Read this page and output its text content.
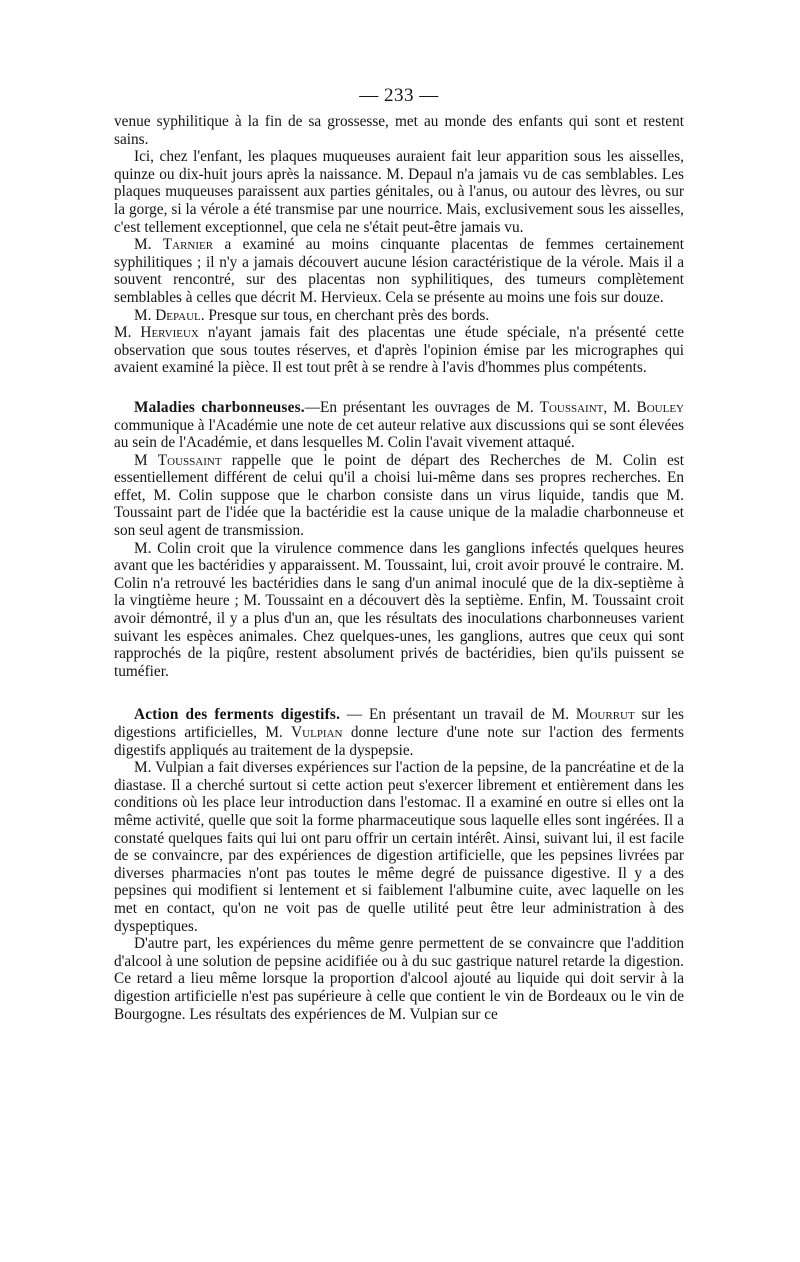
— 233 —

venue syphilitique à la fin de sa grossesse, met au monde des enfants qui sont et restent sains.

Ici, chez l'enfant, les plaques muqueuses auraient fait leur apparition sous les aisselles, quinze ou dix-huit jours après la naissance. M. Depaul n'a jamais vu de cas semblables. Les plaques muqueuses paraissent aux parties génitales, ou à l'anus, ou autour des lèvres, ou sur la gorge, si la vérole a été transmise par une nourrice. Mais, exclusivement sous les aisselles, c'est tellement exceptionnel, que cela ne s'était peut-être jamais vu.

M. Tarnier a examiné au moins cinquante placentas de femmes certainement syphilitiques ; il n'y a jamais découvert aucune lésion caractéristique de la vérole. Mais il a souvent rencontré, sur des placentas non syphilitiques, des tumeurs complètement semblables à celles que décrit M. Hervieux. Cela se présente au moins une fois sur douze.

M. Depaul. Presque sur tous, en cherchant près des bords.

M. Hervieux n'ayant jamais fait des placentas une étude spéciale, n'a présenté cette observation que sous toutes réserves, et d'après l'opinion émise par les micrographes qui avaient examiné la pièce. Il est tout prêt à se rendre à l'avis d'hommes plus compétents.

Maladies charbonneuses.—En présentant les ouvrages de M. Toussaint, M. Bouley communique à l'Académie une note de cet auteur relative aux discussions qui se sont élevées au sein de l'Académie, et dans lesquelles M. Colin l'avait vivement attaqué.

M Toussaint rappelle que le point de départ des Recherches de M. Colin est essentiellement différent de celui qu'il a choisi lui-même dans ses propres recherches. En effet, M. Colin suppose que le charbon consiste dans un virus liquide, tandis que M. Toussaint part de l'idée que la bactéridie est la cause unique de la maladie charbonneuse et son seul agent de transmission.

M. Colin croit que la virulence commence dans les ganglions infectés quelques heures avant que les bactéridies y apparaissent. M. Toussaint, lui, croit avoir prouvé le contraire. M. Colin n'a retrouvé les bactéridies dans le sang d'un animal inoculé que de la dix-septième à la vingtième heure ; M. Toussaint en a découvert dès la septième. Enfin, M. Toussaint croit avoir démontré, il y a plus d'un an, que les résultats des inoculations charbonneuses varient suivant les espèces animales. Chez quelques-unes, les ganglions, autres que ceux qui sont rapprochés de la piqûre, restent absolument privés de bactéridies, bien qu'ils puissent se tuméfier.

Action des ferments digestifs. — En présentant un travail de M. Mourrut sur les digestions artificielles, M. Vulpian donne lecture d'une note sur l'action des ferments digestifs appliqués au traitement de la dyspepsie.

M. Vulpian a fait diverses expériences sur l'action de la pepsine, de la pancréatine et de la diastase. Il a cherché surtout si cette action peut s'exercer librement et entièrement dans les conditions où les place leur introduction dans l'estomac. Il a examiné en outre si elles ont la même activité, quelle que soit la forme pharmaceutique sous laquelle elles sont ingérées. Il a constaté quelques faits qui lui ont paru offrir un certain intérêt. Ainsi, suivant lui, il est facile de se convaincre, par des expériences de digestion artificielle, que les pepsines livrées par diverses pharmacies n'ont pas toutes le même degré de puissance digestive. Il y a des pepsines qui modifient si lentement et si faiblement l'albumine cuite, avec laquelle on les met en contact, qu'on ne voit pas de quelle utilité peut être leur administration à des dyspeptiques.

D'autre part, les expériences du même genre permettent de se convaincre que l'addition d'alcool à une solution de pepsine acidifiée ou à du suc gastrique naturel retarde la digestion. Ce retard a lieu même lorsque la proportion d'alcool ajouté au liquide qui doit servir à la digestion artificielle n'est pas supérieure à celle que contient le vin de Bordeaux ou le vin de Bourgogne. Les résultats des expériences de M. Vulpian sur ce
